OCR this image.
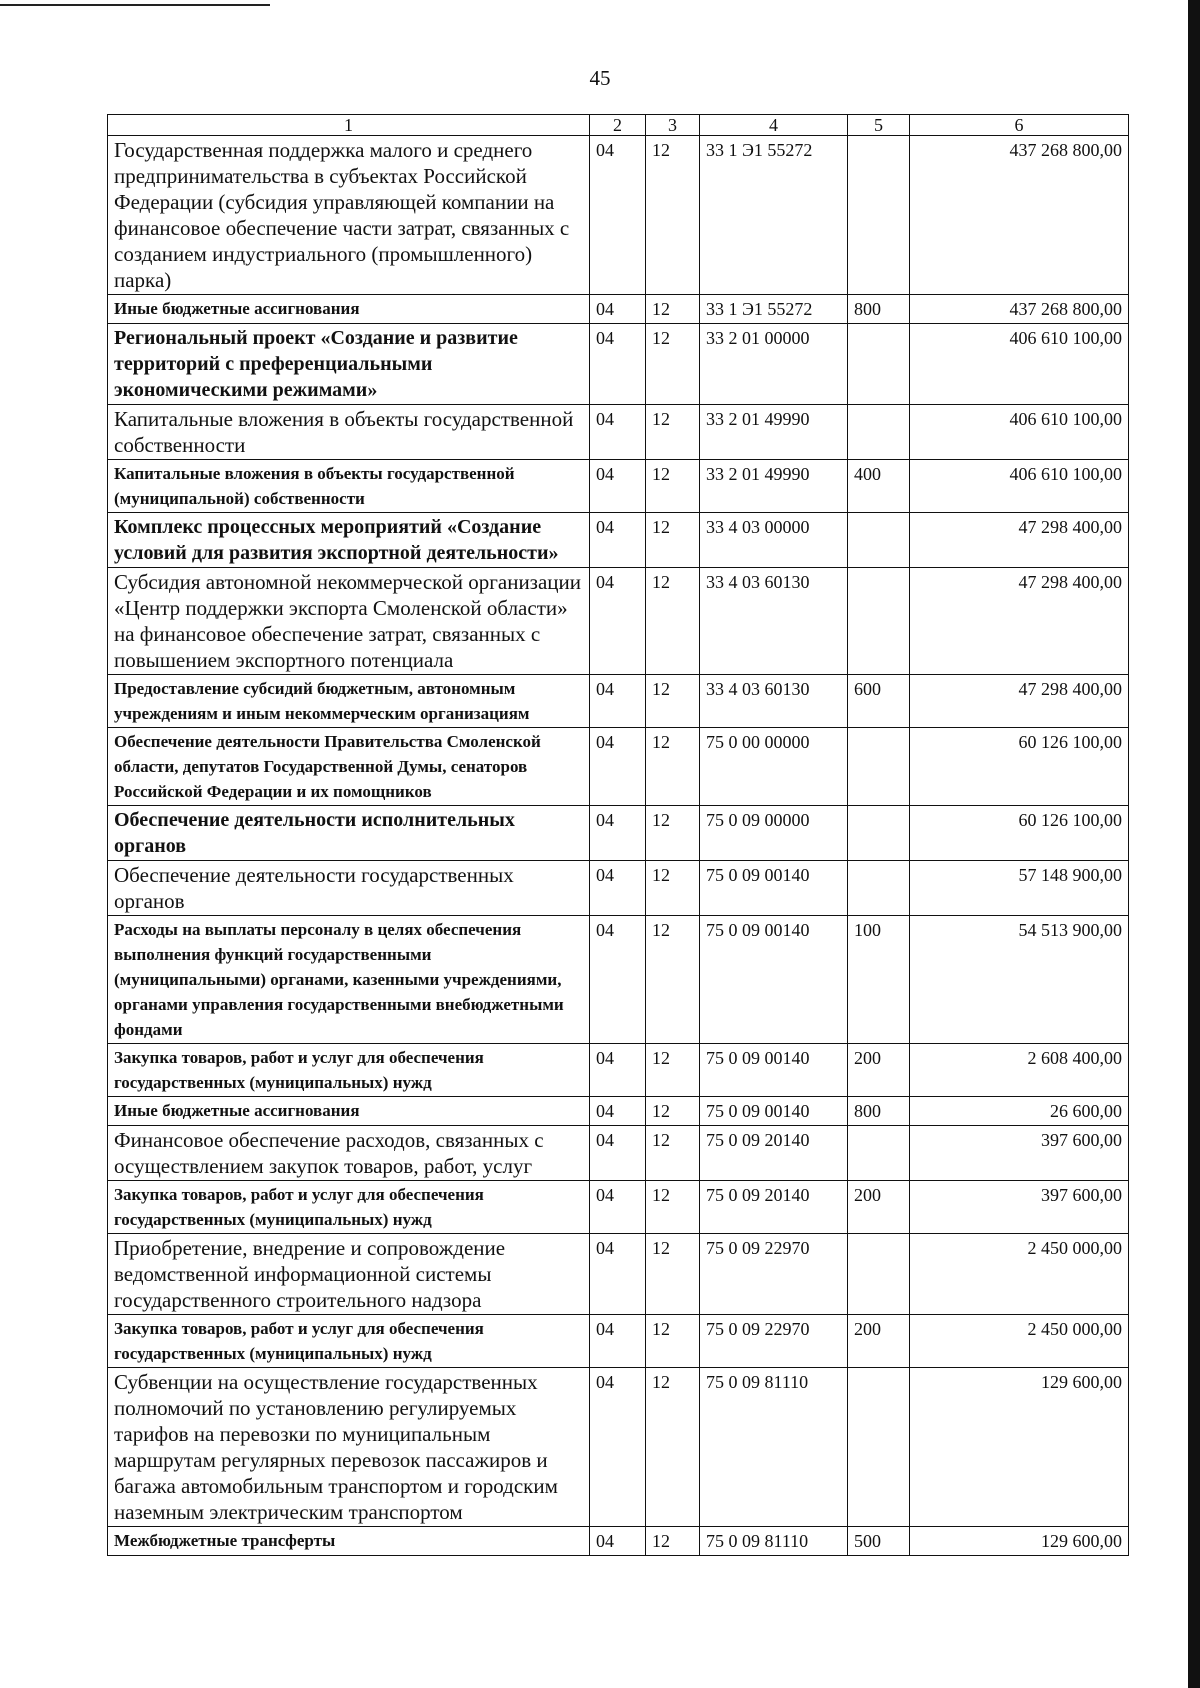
45
1	2	3	4	5	6
Государственная поддержка малого и среднего предпринимательства в субъектах Российской Федерации (субсидия управляющей компании на финансовое обеспечение части затрат, связанных с созданием индустриального (промышленного) парка)	04	12	33 1 Э1 55272		437 268 800,00
Иные бюджетные ассигнования	04	12	33 1 Э1 55272	800	437 268 800,00
Региональный проект «Создание и развитие территорий с преференциальными экономическими режимами»	04	12	33 2 01 00000		406 610 100,00
Капитальные вложения в объекты государственной собственности	04	12	33 2 01 49990		406 610 100,00
Капитальные вложения в объекты государственной (муниципальной) собственности	04	12	33 2 01 49990	400	406 610 100,00
Комплекс процессных мероприятий «Создание условий для развития экспортной деятельности»	04	12	33 4 03 00000		47 298 400,00
Субсидия автономной некоммерческой организации «Центр поддержки экспорта Смоленской области» на финансовое обеспечение затрат, связанных с повышением экспортного потенциала	04	12	33 4 03 60130		47 298 400,00
Предоставление субсидий бюджетным, автономным учреждениям и иным некоммерческим организациям	04	12	33 4 03 60130	600	47 298 400,00
Обеспечение деятельности Правительства Смоленской области, депутатов Государственной Думы, сенаторов Российской Федерации и их помощников	04	12	75 0 00 00000		60 126 100,00
Обеспечение деятельности исполнительных органов	04	12	75 0 09 00000		60 126 100,00
Обеспечение деятельности государственных органов	04	12	75 0 09 00140		57 148 900,00
Расходы на выплаты персоналу в целях обеспечения выполнения функций государственными (муниципальными) органами, казенными учреждениями, органами управления государственными внебюджетными фондами	04	12	75 0 09 00140	100	54 513 900,00
Закупка товаров, работ и услуг для обеспечения государственных (муниципальных) нужд	04	12	75 0 09 00140	200	2 608 400,00
Иные бюджетные ассигнования	04	12	75 0 09 00140	800	26 600,00
Финансовое обеспечение расходов, связанных с осуществлением закупок товаров, работ, услуг	04	12	75 0 09 20140		397 600,00
Закупка товаров, работ и услуг для обеспечения государственных (муниципальных) нужд	04	12	75 0 09 20140	200	397 600,00
Приобретение, внедрение и сопровождение ведомственной информационной системы государственного строительного надзора	04	12	75 0 09 22970		2 450 000,00
Закупка товаров, работ и услуг для обеспечения государственных (муниципальных) нужд	04	12	75 0 09 22970	200	2 450 000,00
Субвенции на осуществление государственных полномочий по установлению регулируемых тарифов на перевозки по муниципальным маршрутам регулярных перевозок пассажиров и багажа автомобильным транспортом и городским наземным электрическим транспортом	04	12	75 0 09 81110		129 600,00
Межбюджетные трансферты	04	12	75 0 09 81110	500	129 600,00
